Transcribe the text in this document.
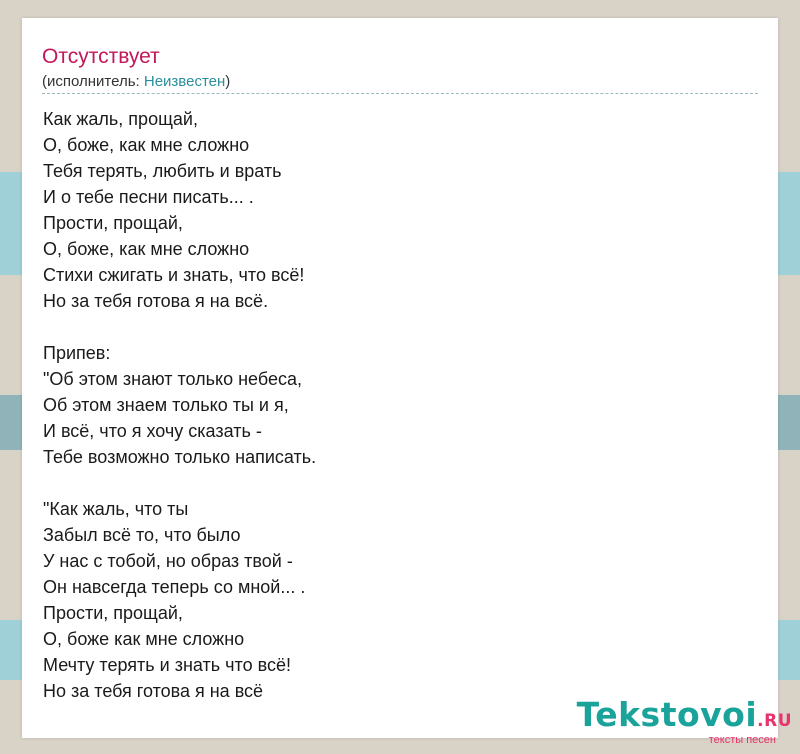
Отсутствует
(исполнитель: Неизвестен)
Как жаль, прощай,
О, боже, как мне сложно
Тебя терять, любить и врать
И о тебе песни писать... .
Прости, прощай,
О, боже, как мне сложно
Стихи сжигать и знать, что всё!
Но за тебя готова я на всё.
Припев:
"Об этом знают только небеса,
Об этом знаем только ты и я,
И всё, что я хочу сказать -
Тебе возможно только написать.
"Как жаль, что ты
Забыл всё то, что было
У нас с тобой, но образ твой -
Он навсегда теперь со мной... .
Прости, прощай,
О, боже как мне сложно
Мечту терять и знать что всё!
Но за тебя готова я на всё
Tekstovoi.RU
тексты песен
